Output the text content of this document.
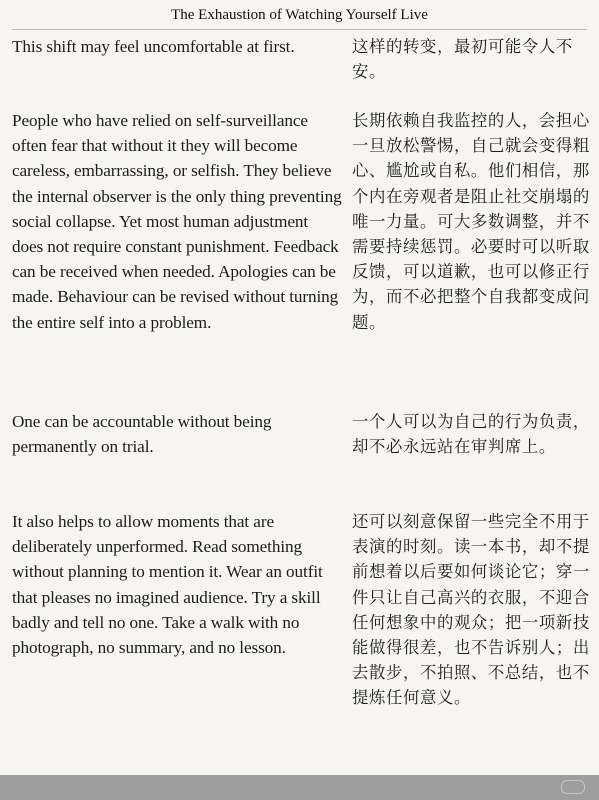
The Exhaustion of Watching Yourself Live
This shift may feel uncomfortable at first.	这样的转变，最初可能令人不安。
People who have relied on self-surveillance often fear that without it they will become careless, embarrassing, or selfish. They believe the internal observer is the only thing preventing social collapse. Yet most human adjustment does not require constant punishment. Feedback can be received when needed. Apologies can be made. Behaviour can be revised without turning the entire self into a problem.
长期依赖自我监控的人，会担心一旦放松警惕，自己就会变得粗心、尴尬或自私。他们相信，那个内在旁观者是阻止社交崩塌的唯一力量。可大多数调整，并不需要持续惩罚。必要时可以听取反馈，可以道歉，也可以修正行为，而不必把整个自我都变成问题。
One can be accountable without being permanently on trial.
一个人可以为自己的行为负责，却不必永远站在审判席上。
It also helps to allow moments that are deliberately unperformed. Read something without planning to mention it. Wear an outfit that pleases no imagined audience. Try a skill badly and tell no one. Take a walk with no photograph, no summary, and no lesson.
还可以刻意保留一些完全不用于表演的时刻。读一本书，却不提前想着以后要如何谈论它；穿一件只让自己高兴的衣服，不迎合任何想象中的观众；把一项新技能做得很差，也不告诉别人；出去散步，不拍照、不总结，也不提炼任何意义。
